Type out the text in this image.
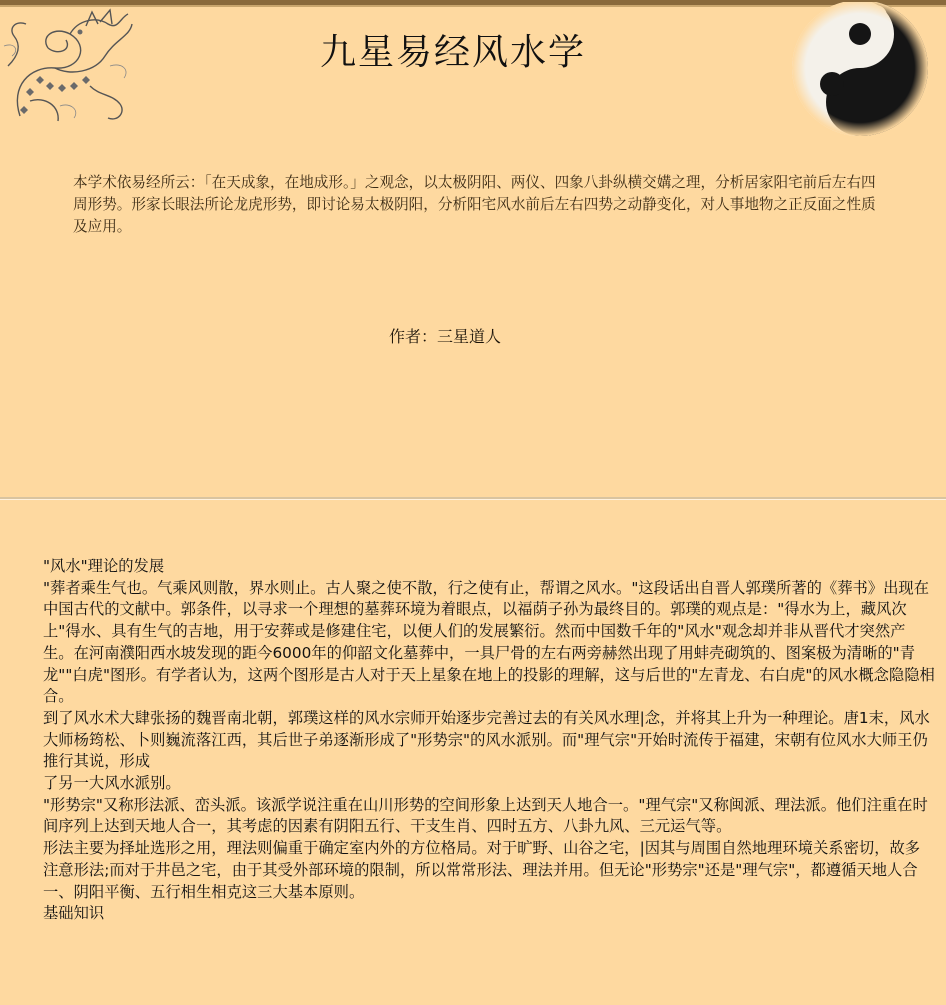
九星易经风水学

本学术依易经所云：「在天成象，在地成形。」之观念，以太极阴阳、两仪、四象八卦纵横交媾之理，分析居家阳宅前后左右四周形势。形家长眼法所论龙虎形势，即讨论易太极阴阳，分析阳宅风水前后左右四势之动静变化，对人事地物之正反面之性质及应用。

作者：三星道人

"风水"理论的发展

"葬者乘生气也。气乘风则散，界水则止。古人聚之使不散，行之使有止，帮谓之风水。"这段话出自晋人郭璞所著的《葬书》出现在中国古代的文献中。郭条件，以寻求一个理想的墓葬环境为着眼点，以福荫子孙为最终目的。郭璞的观点是："得水为上，藏风次上"得水、具有生气的吉地，用于安葬或是修建住宅，以便人们的发展繁衍。然而中国数千年的"风水"观念却并非从晋代才突然产生。在河南濮阳西水坡发现的距今6000年的仰韶文化墓葬中，一具尸骨的左右两旁赫然出现了用蚌壳砌筑的、图案极为清晰的"青龙""白虎"图形。有学者认为，这两个图形是古人对于天上星象在地上的投影的理解，这与后世的"左青龙、右白虎"的风水概念隐隐相合。

到了风水术大肆张扬的魏晋南北朝，郭璞这样的风水宗师开始逐步完善过去的有关风水理|念，并将其上升为一种理论。唐1末，风水大师杨筠松、卜则巍流落江西，其后世子弟逐渐形成了"形势宗"的风水派别。而"理气宗"开始时流传于福建，宋朝有位风水大师王仍推行其说，形成

了另一大风水派别。

"形势宗"又称形法派、峦头派。该派学说注重在山川形势的空间形象上达到天人地合一。"理气宗"又称闽派、理法派。他们注重在时间序列上达到天地人合一，其考虑的因素有阴阳五行、干支生肖、四时五方、八卦九风、三元运气等。

形法主要为择址选形之用，理法则偏重于确定室内外的方位格局。对于旷野、山谷之宅，|因其与周围自然地理环境关系密切，故多注意形法;而对于井邑之宅，由于其受外部环境的限制，所以常常形法、理法并用。但无论"形势宗"还是"理气宗"，都遵循天地人合一、阴阳平衡、五行相生相克这三大基本原则。

基础知识
